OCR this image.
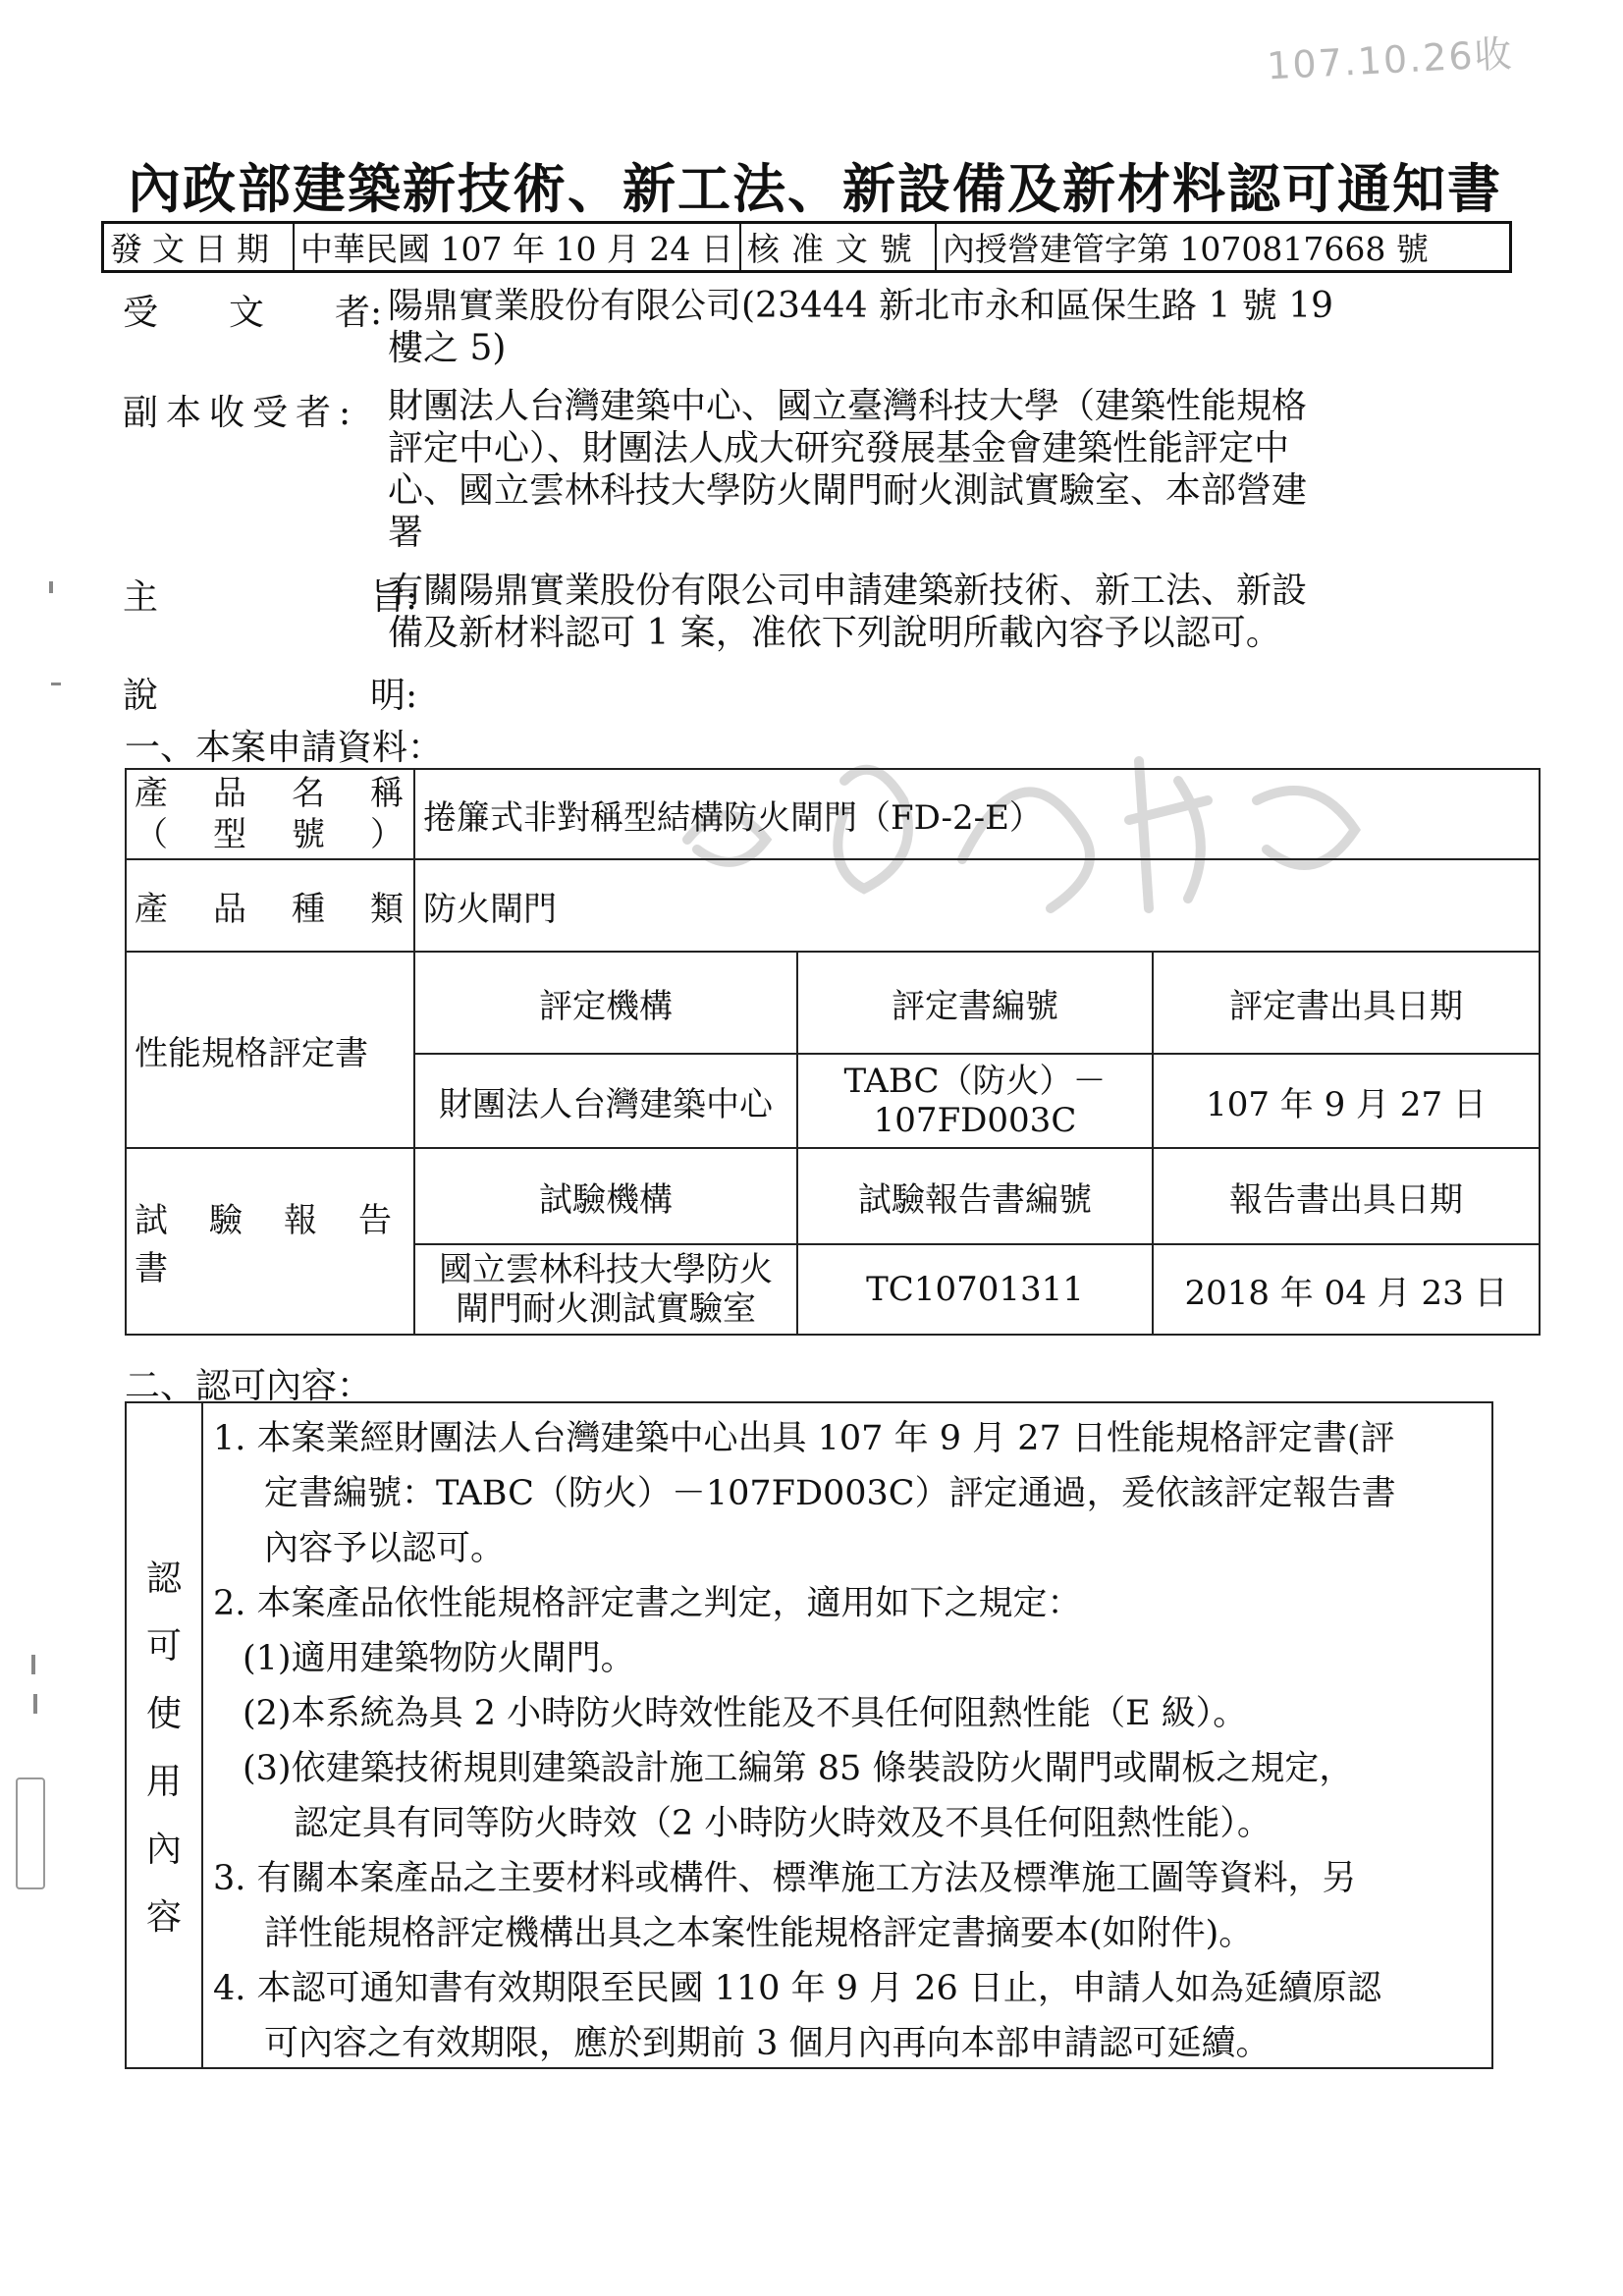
107.10.26收
內政部建築新技術、新工法、新設備及新材料認可通知書
發文日期	中華民國 107 年 10 月 24 日	核准文號	內授營建管字第 1070817668 號
受　　文　　者: 陽鼎實業股份有限公司(23444 新北市永和區保生路 1 號 19
樓之 5)
副本收受者: 財團法人台灣建築中心、國立臺灣科技大學（建築性能規格
評定中心）、財團法人成大研究發展基金會建築性能評定中
心、國立雲林科技大學防火閘門耐火測試實驗室、本部營建
署
主　　　　　　旨:
有關陽鼎實業股份有限公司申請建築新技術、新工法、新設
備及新材料認可 1 案，准依下列說明所載內容予以認可。
說　　　　　　明:
一、本案申請資料：
產　品　名　稱
（　型　號　）	捲簾式非對稱型結構防火閘門（FD-2-E）		
產　品　種　類	防火閘門		
性能規格評定書	評定機構	評定書編號	評定書出具日期
	財團法人台灣建築中心	TABC（防火）－
107FD003C	107 年 9 月 27 日
試　驗　報　告　書	試驗機構	試驗報告書編號	報告書出具日期

	國立雲林科技大學防火
閘門耐火測試實驗室	TC10701311	2018 年 04 月 23 日
二、認可內容：
認
可
使
用
內
容
1. 本案業經財團法人台灣建築中心出具 107 年 9 月 27 日性能規格評定書(評
定書編號：TABC（防火）－107FD003C）評定通過，爰依該評定報告書
內容予以認可。
2. 本案產品依性能規格評定書之判定，適用如下之規定：
(1)適用建築物防火閘門。
(2)本系統為具 2 小時防火時效性能及不具任何阻熱性能（E 級）。
(3)依建築技術規則建築設計施工編第 85 條裝設防火閘門或閘板之規定，
認定具有同等防火時效（2 小時防火時效及不具任何阻熱性能）。
3. 有關本案產品之主要材料或構件、標準施工方法及標準施工圖等資料，另
詳性能規格評定機構出具之本案性能規格評定書摘要本(如附件)。
4. 本認可通知書有效期限至民國 110 年 9 月 26 日止，申請人如為延續原認
可內容之有效期限，應於到期前 3 個月內再向本部申請認可延續。
